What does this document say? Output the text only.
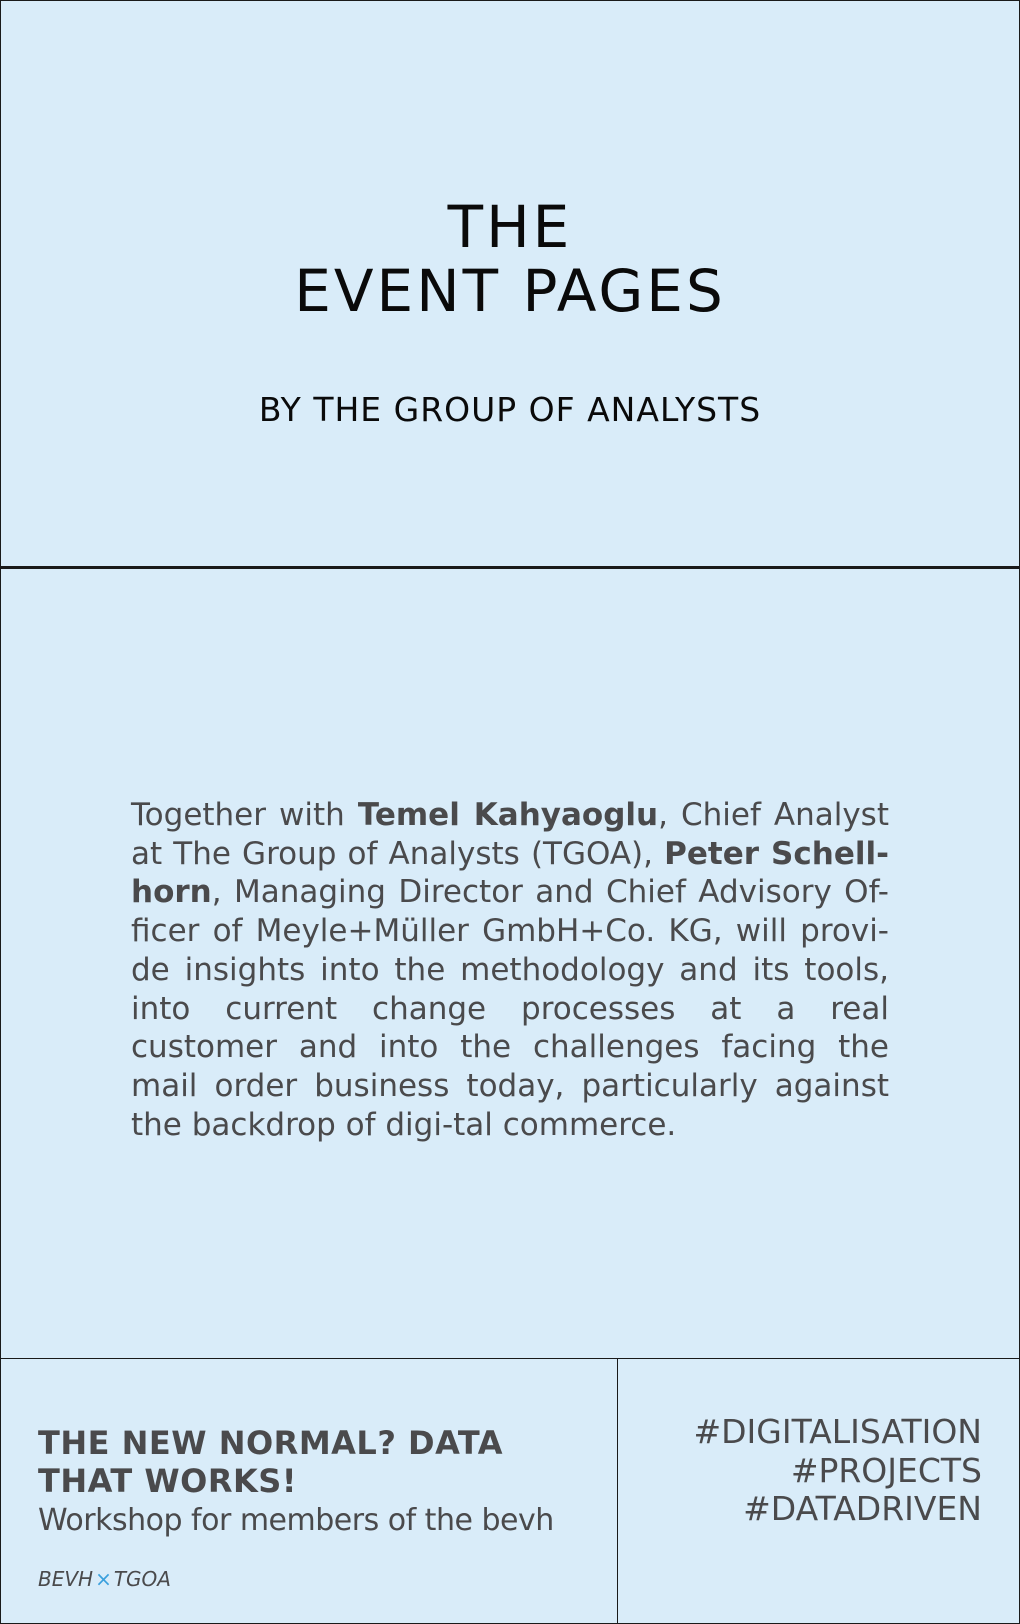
THE
EVENT PAGES
BY THE GROUP OF ANALYSTS
Together with Temel Kahyaoglu, Chief Analyst at The Group of Analysts (TGOA), Peter Schell-horn, Managing Director and Chief Advisory Of-ficer of Meyle+Müller GmbH+Co. KG, will provi-de insights into the methodology and its tools, into current change processes at a real customer and into the challenges facing the mail order business today, particularly against the backdrop of digi-tal commerce.
THE NEW NORMAL? DATA THAT WORKS!
Workshop for members of the bevh
BEVH × TGOA
#DIGITALISATION
#PROJECTS
#DATADRIVEN
